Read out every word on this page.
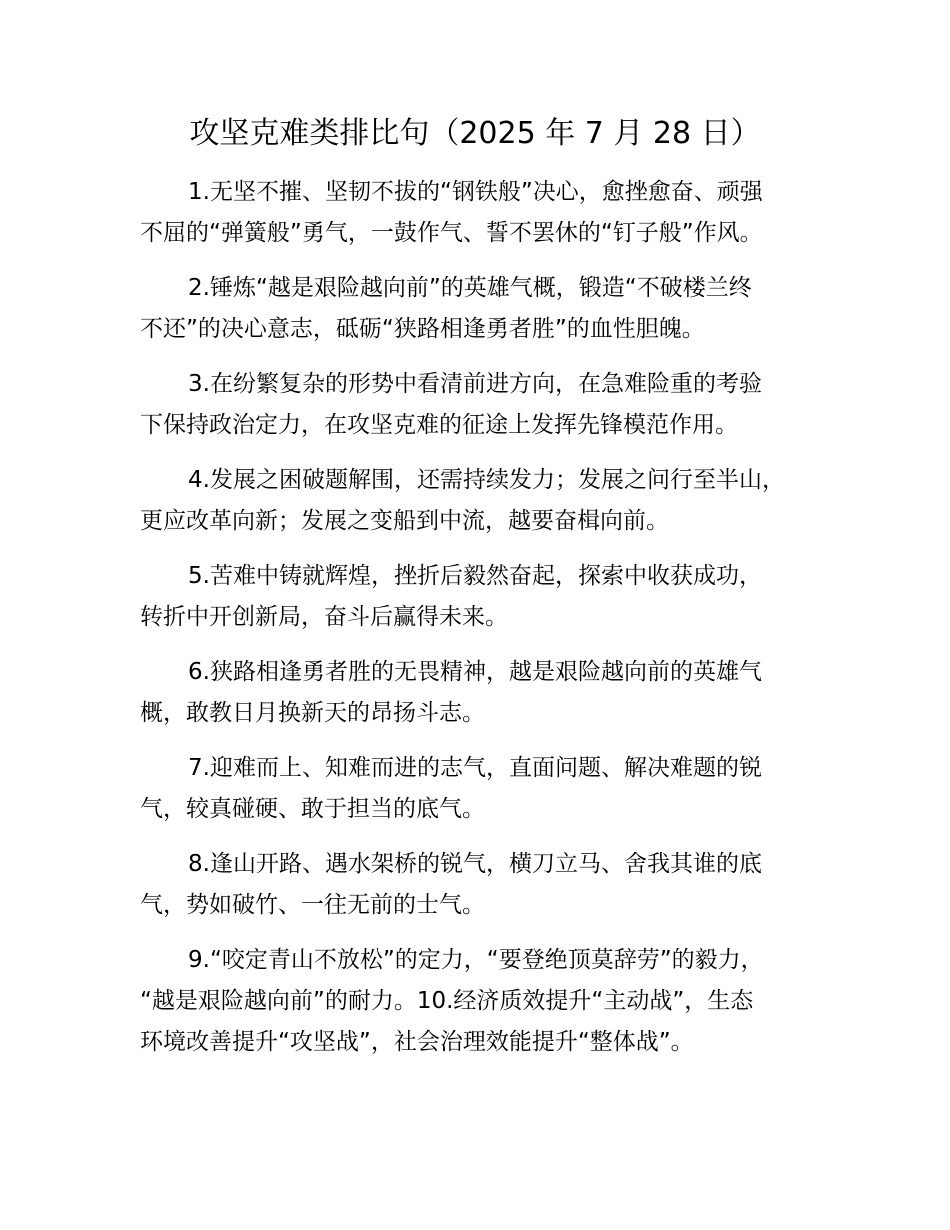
攻坚克难类排比句（2025 年 7 月 28 日）
1.无坚不摧、坚韧不拔的“钢铁般”决心，愈挫愈奋、顽强
不屈的“弹簧般”勇气，一鼓作气、誓不罢休的“钉子般”作风。
2.锤炼“越是艰险越向前”的英雄气概，锻造“不破楼兰终
不还”的决心意志，砥砺“狭路相逢勇者胜”的血性胆魄。
3.在纷繁复杂的形势中看清前进方向，在急难险重的考验
下保持政治定力，在攻坚克难的征途上发挥先锋模范作用。
4.发展之困破题解围，还需持续发力；发展之问行至半山，
更应改革向新；发展之变船到中流，越要奋楫向前。
5.苦难中铸就辉煌，挫折后毅然奋起，探索中收获成功，
转折中开创新局，奋斗后赢得未来。
6.狭路相逢勇者胜的无畏精神，越是艰险越向前的英雄气
概，敢教日月换新天的昂扬斗志。
7.迎难而上、知难而进的志气，直面问题、解决难题的锐
气，较真碰硬、敢于担当的底气。
8.逢山开路、遇水架桥的锐气，横刀立马、舍我其谁的底
气，势如破竹、一往无前的士气。
9.“咬定青山不放松”的定力，“要登绝顶莫辞劳”的毅力，
“越是艰险越向前”的耐力。10.经济质效提升“主动战”，生态
环境改善提升“攻坚战”，社会治理效能提升“整体战”。
